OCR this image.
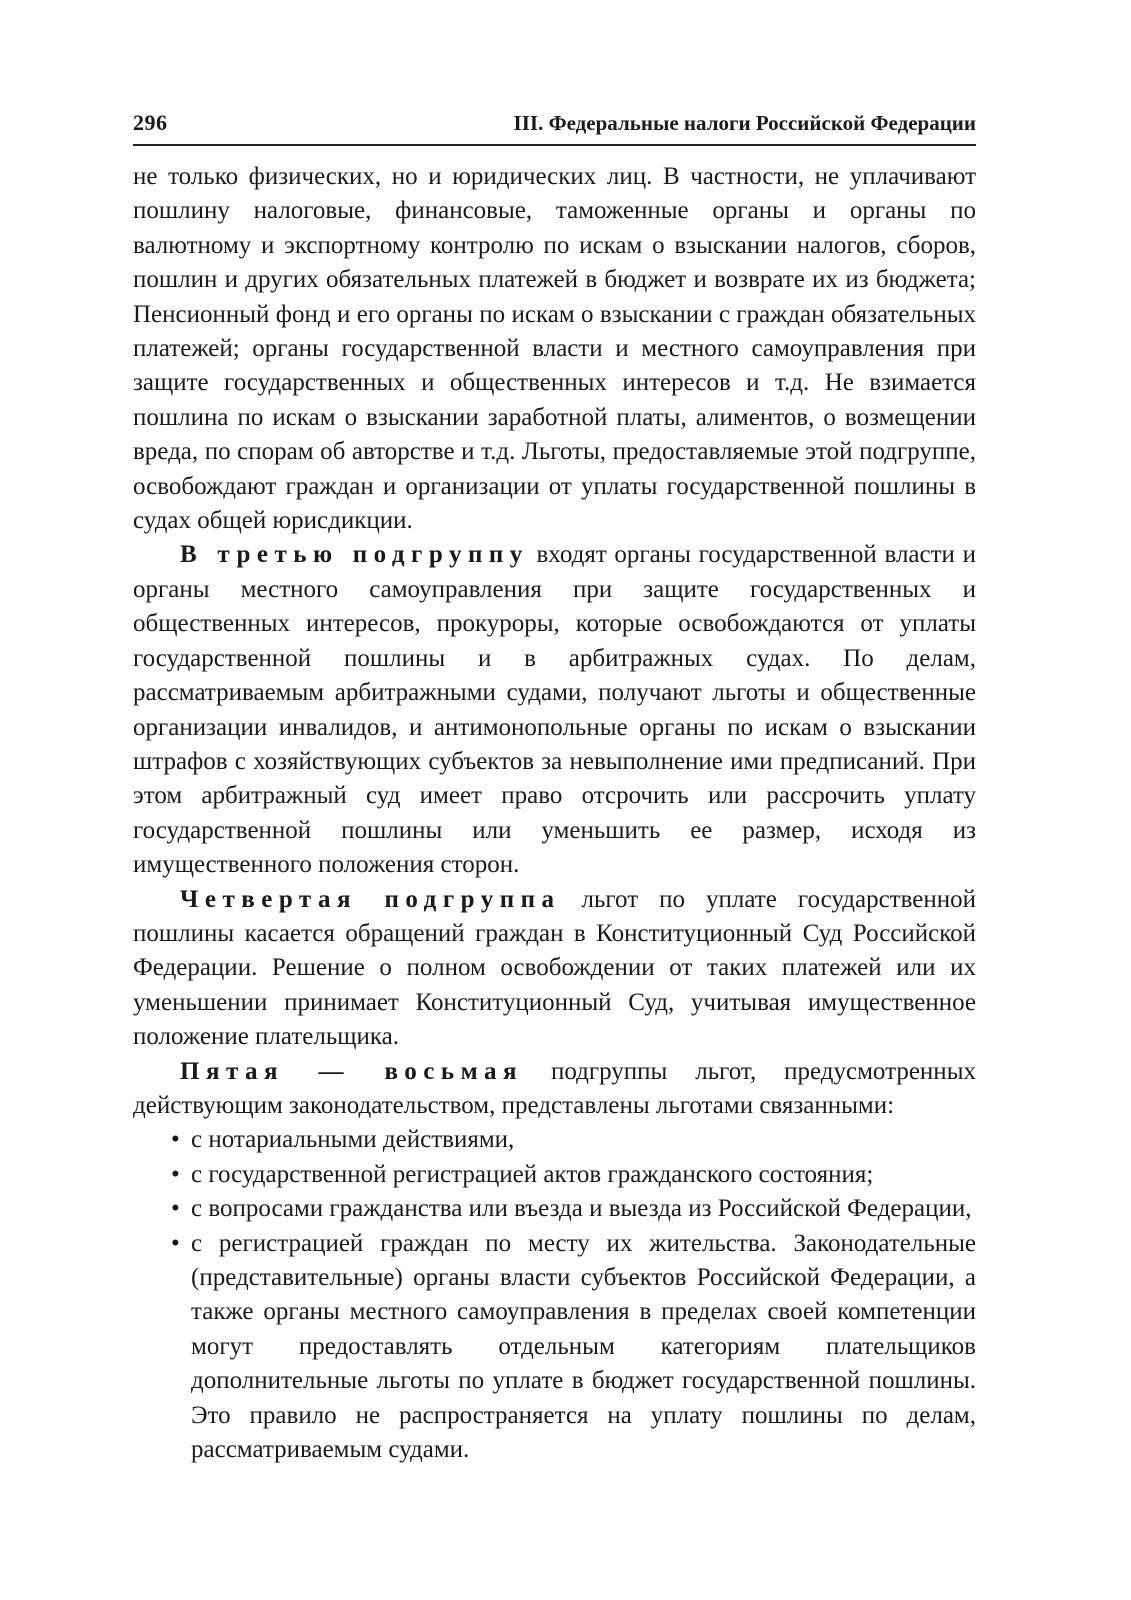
296	III. Федеральные налоги Российской Федерации

не только физических, но и юридических лиц. В частности, не уплачивают пошлину налоговые, финансовые, таможенные органы и органы по валютному и экспортному контролю по искам о взыскании налогов, сборов, пошлин и других обязательных платежей в бюджет и возврате их из бюджета; Пенсионный фонд и его органы по искам о взыскании с граждан обязательных платежей; органы государственной власти и местного самоуправления при защите государственных и общественных интересов и т.д. Не взимается пошлина по искам о взыскании заработной платы, алиментов, о возмещении вреда, по спорам об авторстве и т.д. Льготы, предоставляемые этой подгруппе, освобождают граждан и организации от уплаты государственной пошлины в судах общей юрисдикции.

В третью подгруппу входят органы государственной власти и органы местного самоуправления при защите государственных и общественных интересов, прокуроры, которые освобождаются от уплаты государственной пошлины и в арбитражных судах. По делам, рассматриваемым арбитражными судами, получают льготы и общественные организации инвалидов, и антимонопольные органы по искам о взыскании штрафов с хозяйствующих субъектов за невыполнение ими предписаний. При этом арбитражный суд имеет право отсрочить или рассрочить уплату государственной пошлины или уменьшить ее размер, исходя из имущественного положения сторон.

Четвертая подгруппа льгот по уплате государственной пошлины касается обращений граждан в Конституционный Суд Российской Федерации. Решение о полном освобождении от таких платежей или их уменьшении принимает Конституционный Суд, учитывая имущественное положение плательщика.

Пятая — восьмая подгруппы льгот, предусмотренных действующим законодательством, представлены льготами связанными:

• с нотариальными действиями,
• с государственной регистрацией актов гражданского состояния;
• с вопросами гражданства или въезда и выезда из Российской Федерации,
• с регистрацией граждан по месту их жительства. Законодательные (представительные) органы власти субъектов Российской Федерации, а также органы местного самоуправления в пределах своей компетенции могут предоставлять отдельным категориям плательщиков дополнительные льготы по уплате в бюджет государственной пошлины. Это правило не распространяется на уплату пошлины по делам, рассматриваемым судами.
